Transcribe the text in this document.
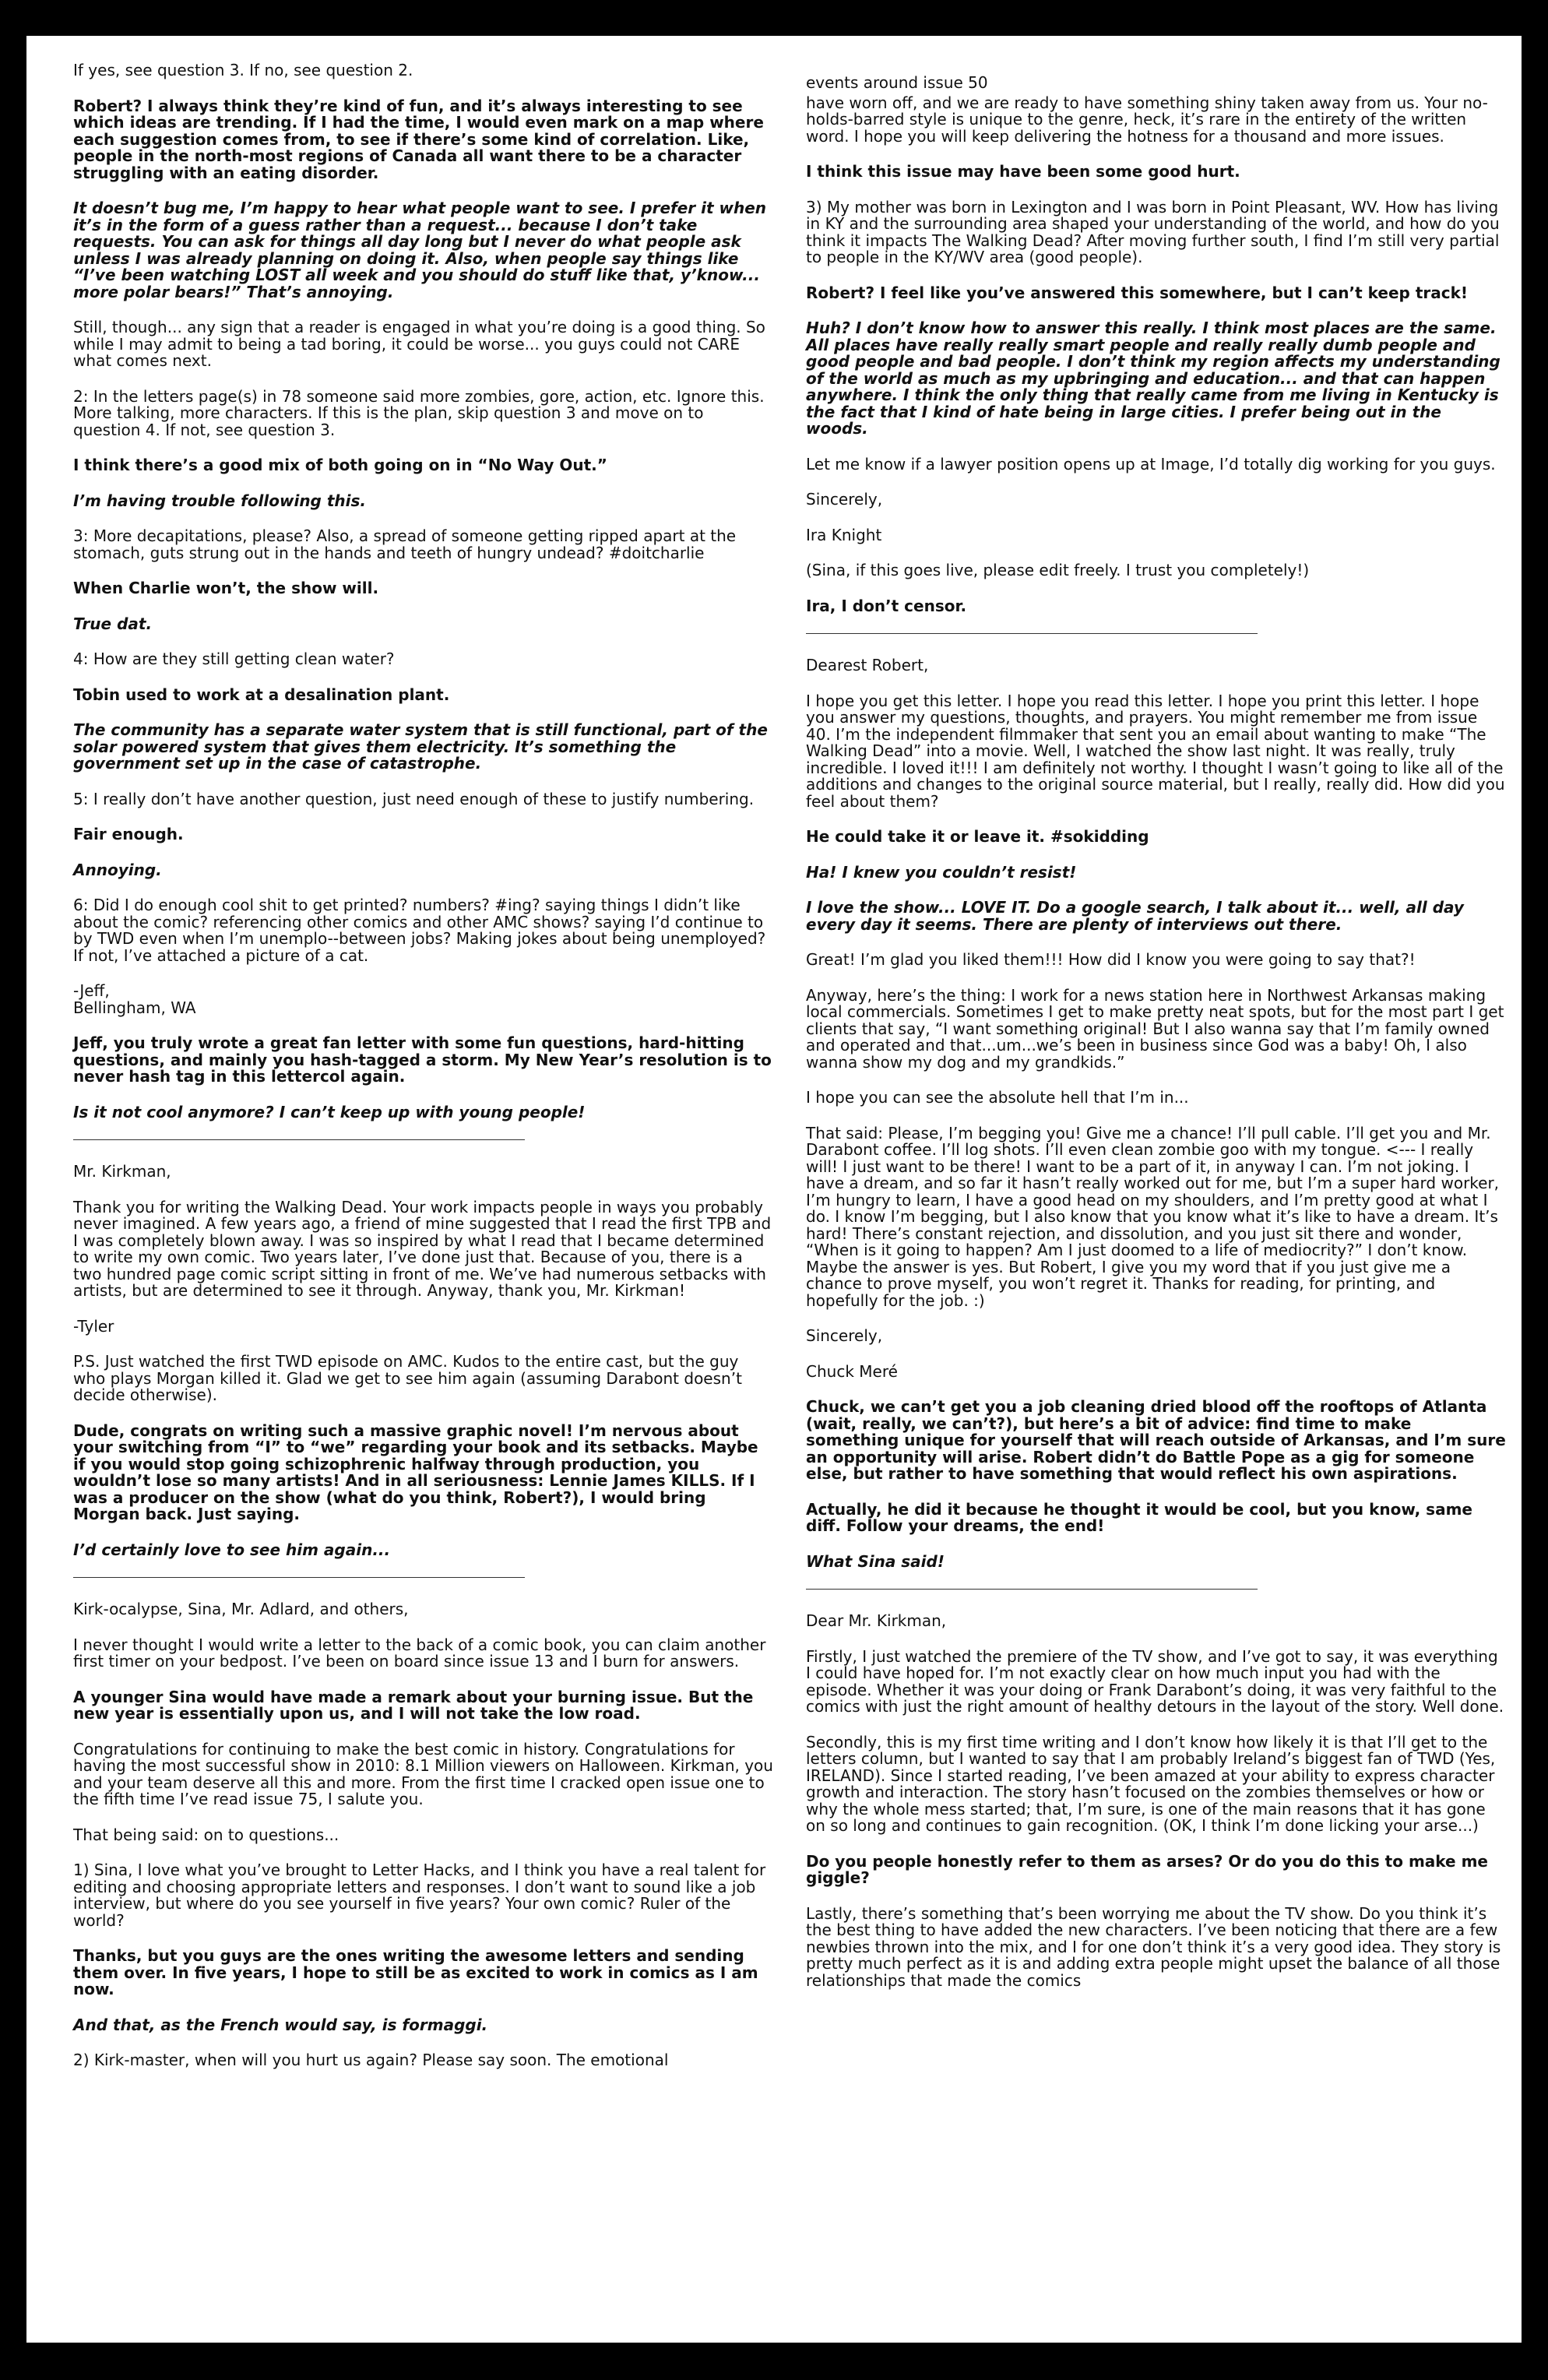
If yes, see question 3. If no, see question 2.

Robert? I always think they’re kind of fun, and it’s always interesting to see which ideas are trending. If I had the time, I would even mark on a map where each suggestion comes from, to see if there’s some kind of correlation. Like, people in the north-most regions of Canada all want there to be a character struggling with an eating disorder.

It doesn’t bug me, I’m happy to hear what people want to see. I prefer it when it’s in the form of a guess rather than a request... because I don’t take requests. You can ask for things all day long but I never do what people ask unless I was already planning on doing it. Also, when people say things like “I’ve been watching LOST all week and you should do stuff like that, y’know... more polar bears!” That’s annoying.

Still, though... any sign that a reader is engaged in what you’re doing is a good thing. So while I may admit to being a tad boring, it could be worse... you guys could not CARE what comes next.

2: In the letters page(s) in 78 someone said more zombies, gore, action, etc. Ignore this. More talking, more characters. If this is the plan, skip question 3 and move on to question 4. If not, see question 3.

I think there’s a good mix of both going on in “No Way Out.”

I’m having trouble following this.

3: More decapitations, please? Also, a spread of someone getting ripped apart at the stomach, guts strung out in the hands and teeth of hungry undead? #doitcharlie

When Charlie won’t, the show will.

True dat.

4: How are they still getting clean water?

Tobin used to work at a desalination plant.

The community has a separate water system that is still functional, part of the solar powered system that gives them electricity. It’s something the government set up in the case of catastrophe.

5: I really don’t have another question, just need enough of these to justify numbering.

Fair enough.

Annoying.

6: Did I do enough cool shit to get printed? numbers? #ing? saying things I didn’t like about the comic? referencing other comics and other AMC shows? saying I’d continue to by TWD even when I’m unemplo--between jobs? Making jokes about being unemployed? If not, I’ve attached a picture of a cat.

-Jeff,
Bellingham, WA

Jeff, you truly wrote a great fan letter with some fun questions, hard-hitting questions, and mainly you hash-tagged a storm. My New Year’s resolution is to never hash tag in this lettercol again.

Is it not cool anymore? I can’t keep up with young people!

Mr. Kirkman,

Thank you for writing the Walking Dead. Your work impacts people in ways you probably never imagined. A few years ago, a friend of mine suggested that I read the first TPB and I was completely blown away. I was so inspired by what I read that I became determined to write my own comic. Two years later, I’ve done just that. Because of you, there is a two hundred page comic script sitting in front of me. We’ve had numerous setbacks with artists, but are determined to see it through. Anyway, thank you, Mr. Kirkman!

-Tyler

P.S. Just watched the first TWD episode on AMC. Kudos to the entire cast, but the guy who plays Morgan killed it. Glad we get to see him again (assuming Darabont doesn’t decide otherwise).

Dude, congrats on writing such a massive graphic novel! I’m nervous about your switching from “I” to “we” regarding your book and its setbacks. Maybe if you would stop going schizophrenic halfway through production, you wouldn’t lose so many artists! And in all seriousness: Lennie James KILLS. If I was a producer on the show (what do you think, Robert?), I would bring Morgan back. Just saying.

I’d certainly love to see him again...

Kirk-ocalypse, Sina, Mr. Adlard, and others,

I never thought I would write a letter to the back of a comic book, you can claim another first timer on your bedpost. I’ve been on board since issue 13 and I burn for answers.

A younger Sina would have made a remark about your burning issue. But the new year is essentially upon us, and I will not take the low road.

Congratulations for continuing to make the best comic in history. Congratulations for having the most successful show in 2010: 8.1 Million viewers on Halloween. Kirkman, you and your team deserve all this and more. From the first time I cracked open issue one to the fifth time I’ve read issue 75, I salute you.

That being said: on to questions...

1) Sina, I love what you’ve brought to Letter Hacks, and I think you have a real talent for editing and choosing appropriate letters and responses. I don’t want to sound like a job interview, but where do you see yourself in five years? Your own comic? Ruler of the world?

Thanks, but you guys are the ones writing the awesome letters and sending them over. In five years, I hope to still be as excited to work in comics as I am now.

And that, as the French would say, is formaggi.

2) Kirk-master, when will you hurt us again? Please say soon. The emotional

events around issue 50

have worn off, and we are ready to have something shiny taken away from us. Your no-holds-barred style is unique to the genre, heck, it’s rare in the entirety of the written word. I hope you will keep delivering the hotness for a thousand and more issues.

I think this issue may have been some good hurt.

3) My mother was born in Lexington and I was born in Point Pleasant, WV. How has living in KY and the surrounding area shaped your understanding of the world, and how do you think it impacts The Walking Dead? After moving further south, I find I’m still very partial to people in the KY/WV area (good people).

Robert? I feel like you’ve answered this somewhere, but I can’t keep track!

Huh? I don’t know how to answer this really. I think most places are the same. All places have really really smart people and really really dumb people and good people and bad people. I don’t think my region affects my understanding of the world as much as my upbringing and education... and that can happen anywhere. I think the only thing that really came from me living in Kentucky is the fact that I kind of hate being in large cities. I prefer being out in the woods.

Let me know if a lawyer position opens up at Image, I’d totally dig working for you guys.

Sincerely,

Ira Knight

(Sina, if this goes live, please edit freely. I trust you completely!)

Ira, I don’t censor.

Dearest Robert,

I hope you get this letter. I hope you read this letter. I hope you print this letter. I hope you answer my questions, thoughts, and prayers. You might remember me from issue 40. I’m the independent filmmaker that sent you an email about wanting to make “The Walking Dead” into a movie. Well, I watched the show last night. It was really, truly incredible. I loved it!!! I am definitely not worthy. I thought I wasn’t going to like all of the additions and changes to the original source material, but I really, really did. How did you feel about them?

He could take it or leave it. #sokidding

Ha! I knew you couldn’t resist!

I love the show... LOVE IT. Do a google search, I talk about it... well, all day every day it seems. There are plenty of interviews out there.

Great! I’m glad you liked them!!! How did I know you were going to say that?!

Anyway, here’s the thing: I work for a news station here in Northwest Arkansas making local commercials. Sometimes I get to make pretty neat spots, but for the most part I get clients that say, “I want something original! But I also wanna say that I’m family owned and operated and that...um...we’s been in business since God was a baby! Oh, I also wanna show my dog and my grandkids.”

I hope you can see the absolute hell that I’m in...

That said: Please, I’m begging you! Give me a chance! I’ll pull cable. I’ll get you and Mr. Darabont coffee. I’ll log shots. I’ll even clean zombie goo with my tongue. <--- I really will! I just want to be there! I want to be a part of it, in anyway I can. I’m not joking. I have a dream, and so far it hasn’t really worked out for me, but I’m a super hard worker, I’m hungry to learn, I have a good head on my shoulders, and I’m pretty good at what I do. I know I’m begging, but I also know that you know what it’s like to have a dream. It’s hard! There’s constant rejection, and dissolution, and you just sit there and wonder, “When is it going to happen? Am I just doomed to a life of mediocrity?” I don’t know. Maybe the answer is yes. But Robert, I give you my word that if you just give me a chance to prove myself, you won’t regret it. Thanks for reading, for printing, and hopefully for the job. :)

Sincerely,

Chuck Meré

Chuck, we can’t get you a job cleaning dried blood off the rooftops of Atlanta (wait, really, we can’t?), but here’s a bit of advice: find time to make something unique for yourself that will reach outside of Arkansas, and I’m sure an opportunity will arise. Robert didn’t do Battle Pope as a gig for someone else, but rather to have something that would reflect his own aspirations.

Actually, he did it because he thought it would be cool, but you know, same diff. Follow your dreams, the end!

What Sina said!

Dear Mr. Kirkman,

Firstly, I just watched the premiere of the TV show, and I’ve got to say, it was everything I could have hoped for. I’m not exactly clear on how much input you had with the episode. Whether it was your doing or Frank Darabont’s doing, it was very faithful to the comics with just the right amount of healthy detours in the layout of the story. Well done.

Secondly, this is my first time writing and I don’t know how likely it is that I’ll get to the letters column, but I wanted to say that I am probably Ireland’s biggest fan of TWD (Yes, IRELAND). Since I started reading, I’ve been amazed at your ability to express character growth and interaction. The story hasn’t focused on the zombies themselves or how or why the whole mess started; that, I’m sure, is one of the main reasons that it has gone on so long and continues to gain recognition. (OK, I think I’m done licking your arse...)

Do you people honestly refer to them as arses? Or do you do this to make me giggle?

Lastly, there’s something that’s been worrying me about the TV show. Do you think it’s the best thing to have added the new characters. I’ve been noticing that there are a few newbies thrown into the mix, and I for one don’t think it’s a very good idea. They story is pretty much perfect as it is and adding extra people might upset the balance of all those relationships that made the comics
